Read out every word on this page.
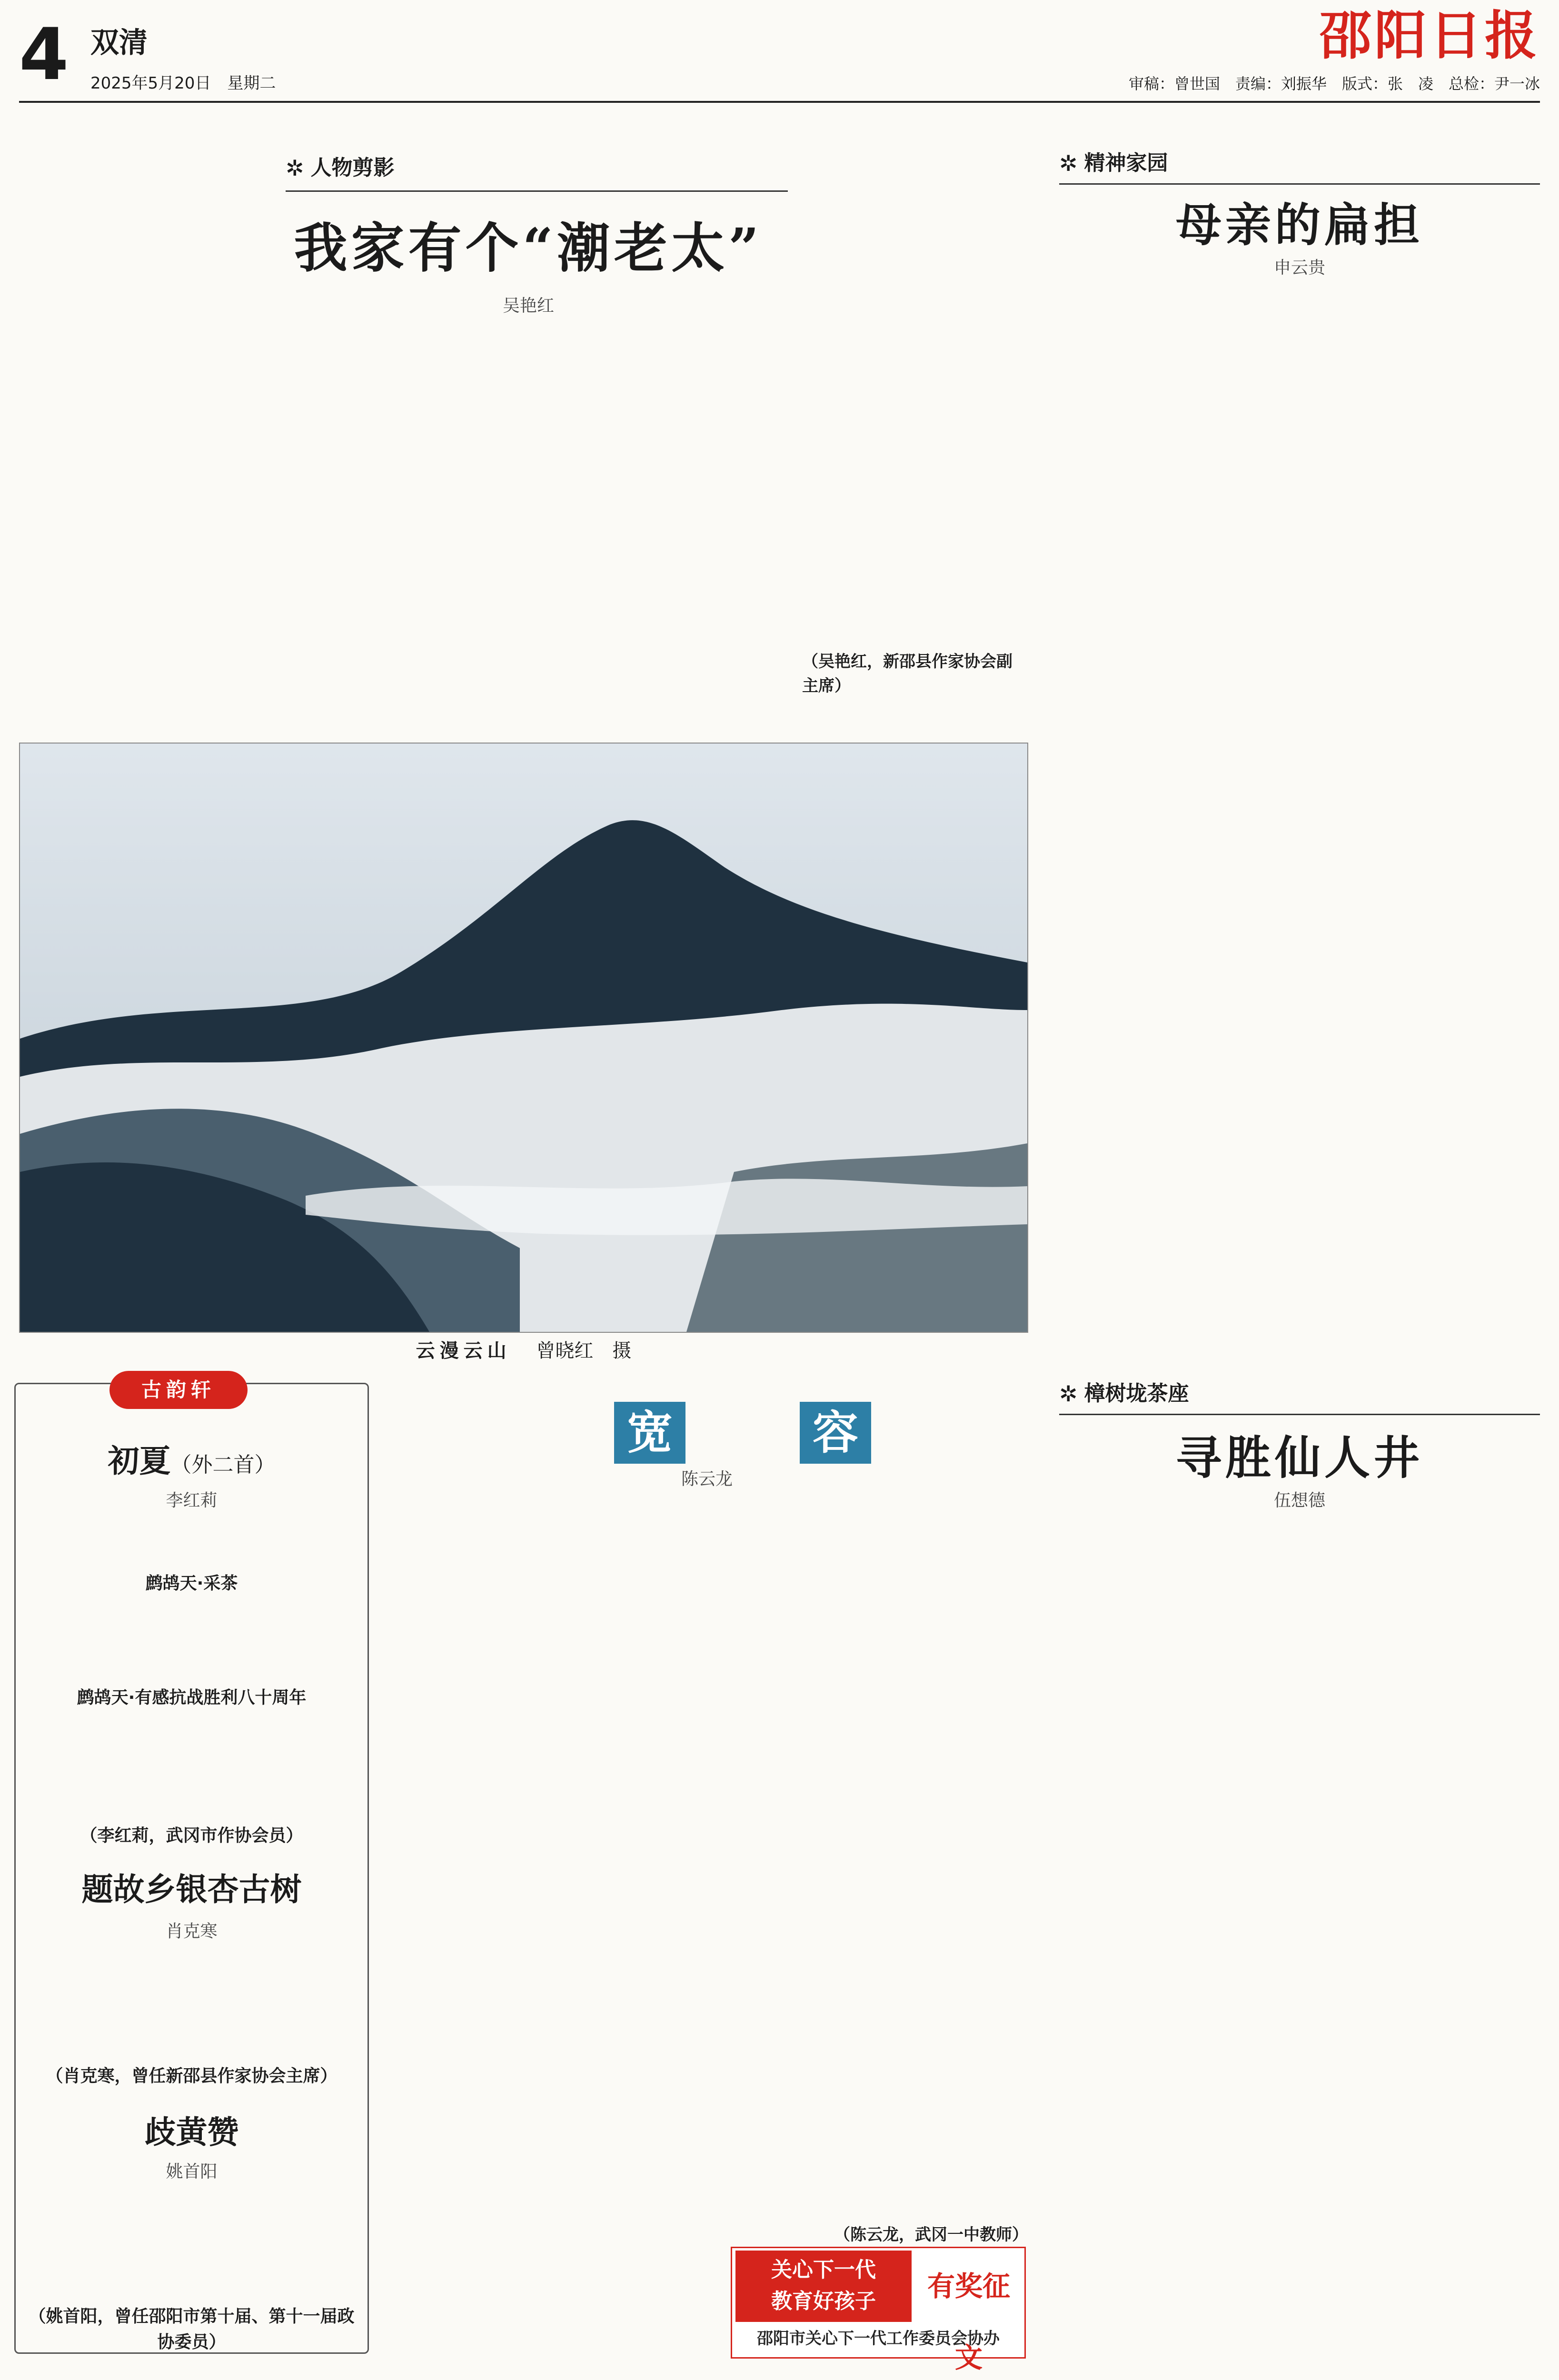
4 双清
2025年5月20日　星期二
邵阳日报
审稿：曾世国　责编：刘振华　版式：张　凌　总检：尹一冰
✲ 人物剪影
我家有个“潮老太”
吴艳红
（吴艳红，新邵县作家协会副主席）
✲ 精神家园
母亲的扁担
申云贵
云漫云山 曾晓红　摄
古韵轩
初夏（外二首）
李红莉
鹧鸪天·采茶
鹧鸪天·有感抗战胜利八十周年
（李红莉，武冈市作协会员）
题故乡银杏古树
肖克寒
（肖克寒，曾任新邵县作家协会主席）
歧黄赞
姚首阳
（姚首阳，曾任邵阳市第十届、第十一届政协委员）
宽	容
陈云龙
（陈云龙，武冈一中教师）
关心下一代
教育好孩子	有奖征文
邵阳市关心下一代工作委员会协办
✲ 樟树垅茶座
寻胜仙人井
伍想德
